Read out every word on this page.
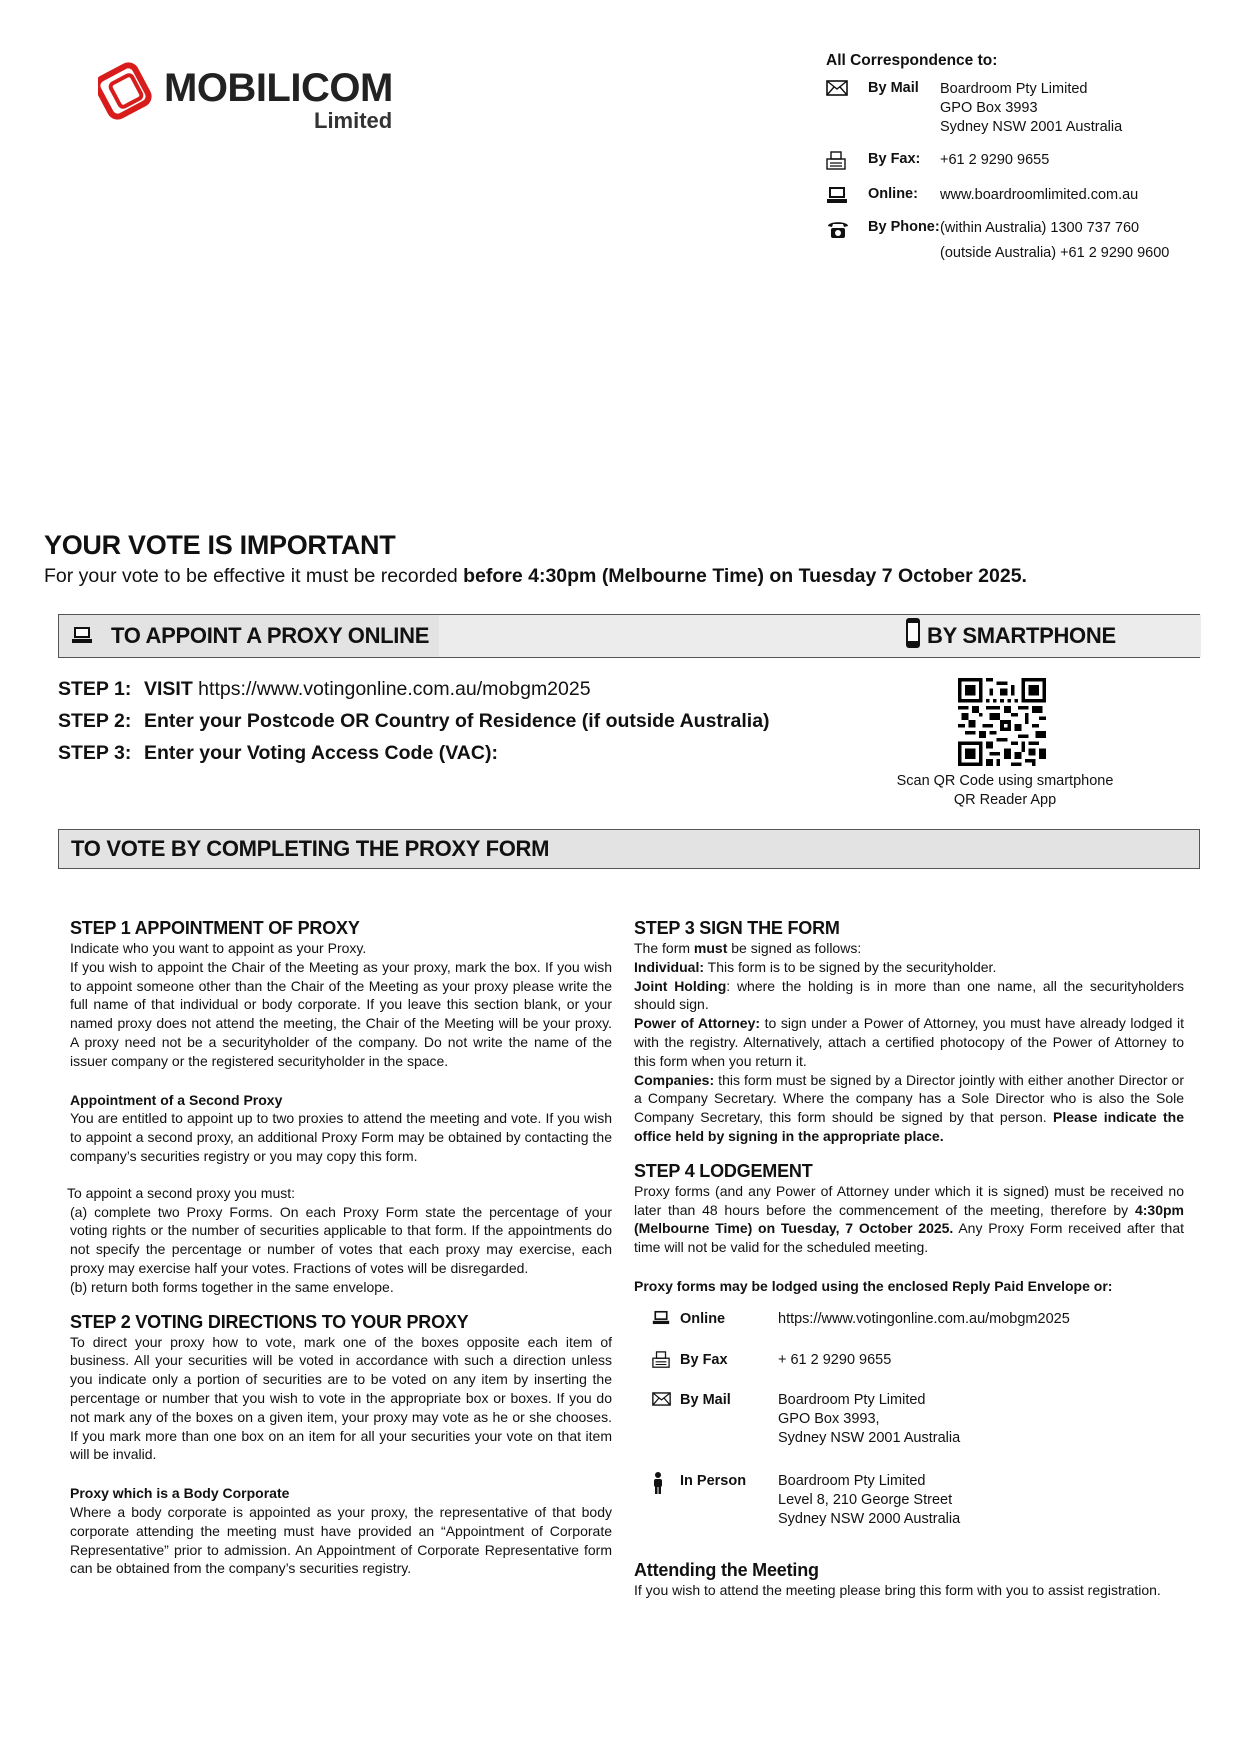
MOBILICOM
Limited
All Correspondence to:
By Mail	Boardroom Pty Limited
GPO Box 3993
Sydney NSW 2001 Australia
By Fax:	+61 2 9290 9655
Online:	www.boardroomlimited.com.au
By Phone: (within Australia) 1300 737 760
(outside Australia) +61 2 9290 9600
YOUR VOTE IS IMPORTANT
For your vote to be effective it must be recorded before 4:30pm (Melbourne Time) on Tuesday 7 October 2025.
TO APPOINT A PROXY ONLINE	BY SMARTPHONE
STEP 1: VISIT https://www.votingonline.com.au/mobgm2025
STEP 2: Enter your Postcode OR Country of Residence (if outside Australia)
STEP 3: Enter your Voting Access Code (VAC):
Scan QR Code using smartphone
QR Reader App
TO VOTE BY COMPLETING THE PROXY FORM
STEP 1 APPOINTMENT OF PROXY

Indicate who you want to appoint as your Proxy.

If you wish to appoint the Chair of the Meeting as your proxy, mark the box. If you wish to appoint someone other than the Chair of the Meeting as your proxy please write the full name of that individual or body corporate. If you leave this section blank, or your named proxy does not attend the meeting, the Chair of the Meeting will be your proxy. A proxy need not be a securityholder of the company. Do not write the name of the issuer company or the registered securityholder in the space.

Appointment of a Second Proxy

You are entitled to appoint up to two proxies to attend the meeting and vote. If you wish to appoint a second proxy, an additional Proxy Form may be obtained by contacting the company’s securities registry or you may copy this form.

To appoint a second proxy you must:

(a) complete two Proxy Forms. On each Proxy Form state the percentage of your voting rights or the number of securities applicable to that form. If the appointments do not specify the percentage or number of votes that each proxy may exercise, each proxy may exercise half your votes. Fractions of votes will be disregarded.

(b) return both forms together in the same envelope.

STEP 2 VOTING DIRECTIONS TO YOUR PROXY

To direct your proxy how to vote, mark one of the boxes opposite each item of business. All your securities will be voted in accordance with such a direction unless you indicate only a portion of securities are to be voted on any item by inserting the percentage or number that you wish to vote in the appropriate box or boxes. If you do not mark any of the boxes on a given item, your proxy may vote as he or she chooses. If you mark more than one box on an item for all your securities your vote on that item will be invalid.

Proxy which is a Body Corporate

Where a body corporate is appointed as your proxy, the representative of that body corporate attending the meeting must have provided an “Appointment of Corporate Representative” prior to admission. An Appointment of Corporate Representative form can be obtained from the company’s securities registry.

STEP 3 SIGN THE FORM

The form must be signed as follows:

Individual: This form is to be signed by the securityholder.

Joint Holding: where the holding is in more than one name, all the securityholders should sign.

Power of Attorney: to sign under a Power of Attorney, you must have already lodged it with the registry. Alternatively, attach a certified photocopy of the Power of Attorney to this form when you return it.

Companies: this form must be signed by a Director jointly with either another Director or a Company Secretary. Where the company has a Sole Director who is also the Sole Company Secretary, this form should be signed by that person. Please indicate the office held by signing in the appropriate place.

STEP 4 LODGEMENT

Proxy forms (and any Power of Attorney under which it is signed) must be received no later than 48 hours before the commencement of the meeting, therefore by 4:30pm (Melbourne Time) on Tuesday, 7 October 2025. Any Proxy Form received after that time will not be valid for the scheduled meeting.

Proxy forms may be lodged using the enclosed Reply Paid Envelope or:

Online	https://www.votingonline.com.au/mobgm2025
By Fax	+ 61 2 9290 9655
By Mail	Boardroom Pty Limited
GPO Box 3993,
Sydney NSW 2001 Australia
In Person	Boardroom Pty Limited
Level 8, 210 George Street
Sydney NSW 2000 Australia
Attending the Meeting

If you wish to attend the meeting please bring this form with you to assist registration.
